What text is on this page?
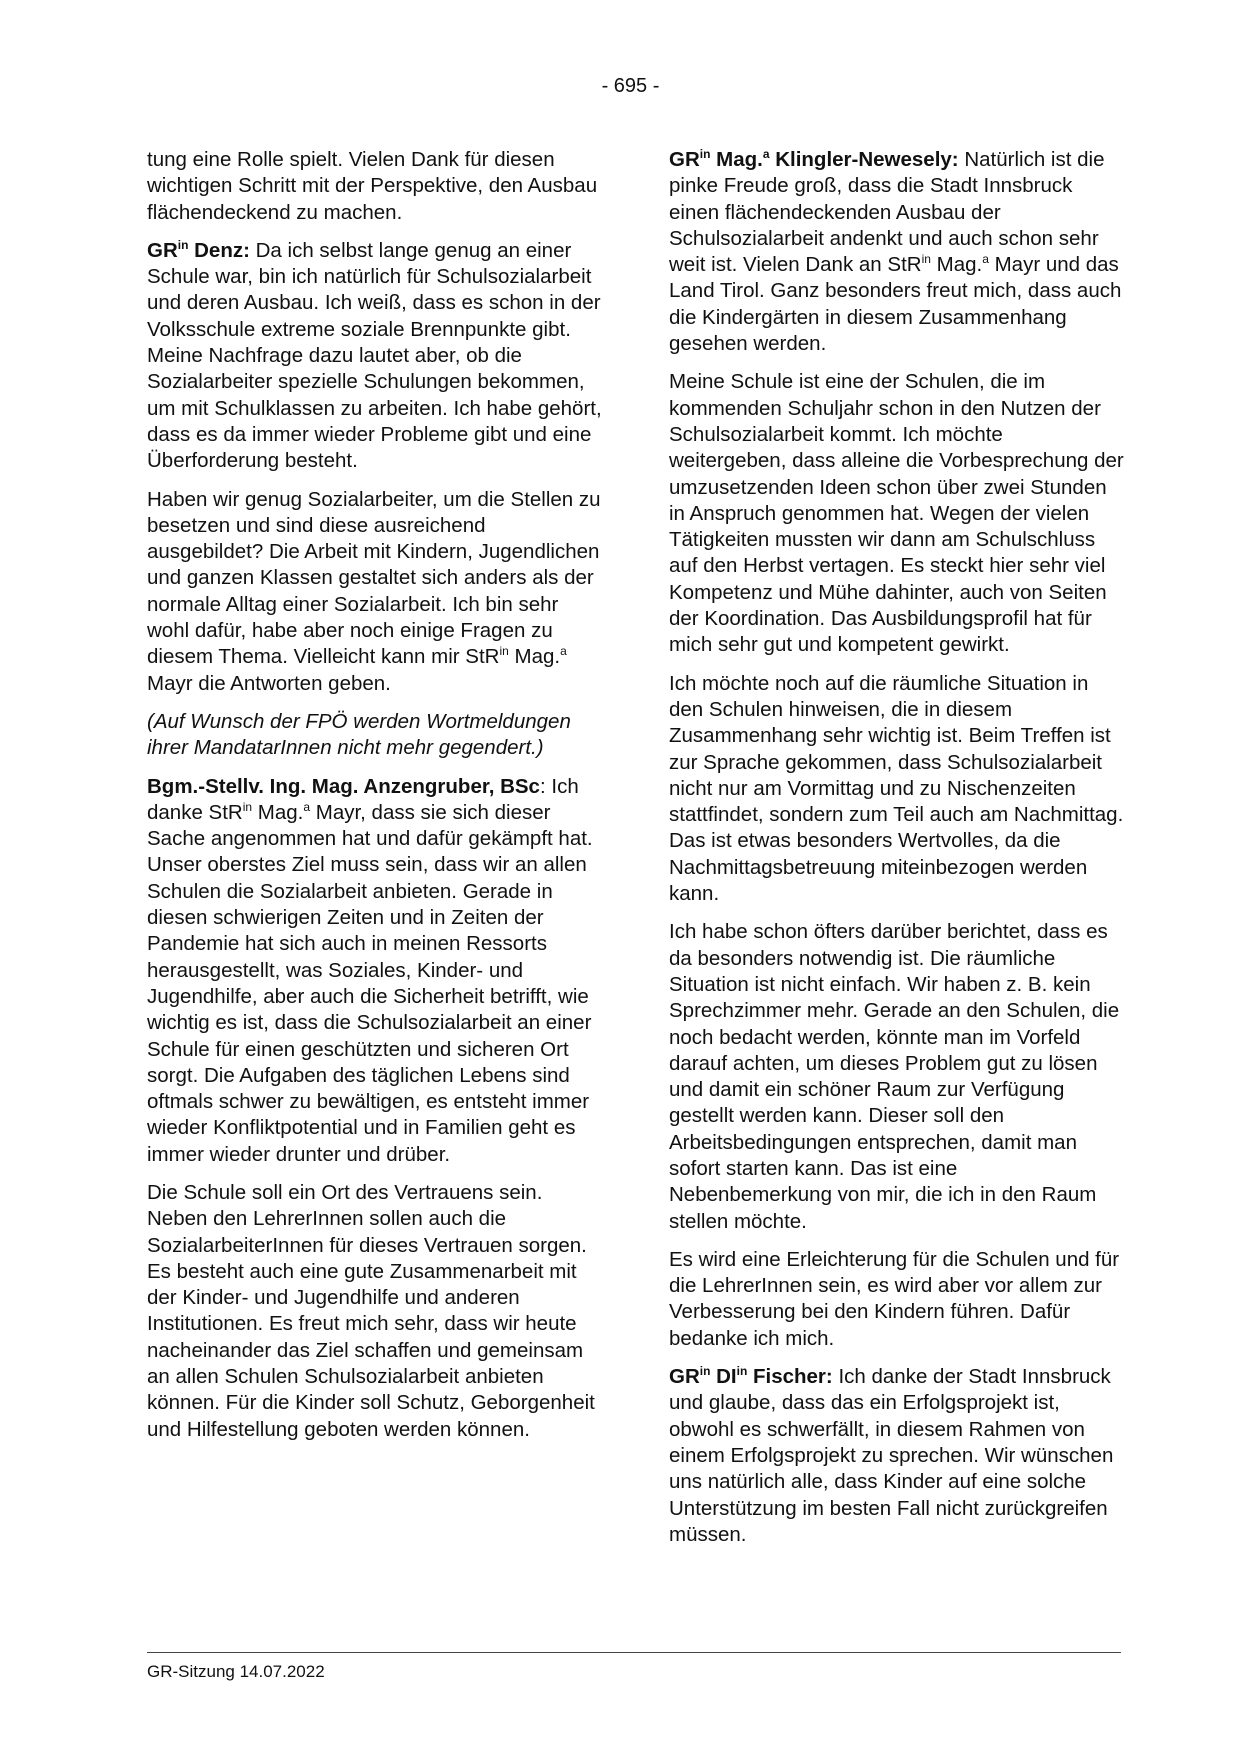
- 695 -

tung eine Rolle spielt. Vielen Dank für diesen wichtigen Schritt mit der Perspektive, den Ausbau flächendeckend zu machen.

$GR^{in}$ Denz: Da ich selbst lange genug an einer Schule war, bin ich natürlich für Schulsozialarbeit und deren Ausbau. Ich weiß, dass es schon in der Volksschule extreme soziale Brennpunkte gibt. Meine Nachfrage dazu lautet aber, ob die Sozialarbeiter spezielle Schulungen bekommen, um mit Schulklassen zu arbeiten. Ich habe gehört, dass es da immer wieder Probleme gibt und eine Überforderung besteht.

Haben wir genug Sozialarbeiter, um die Stellen zu besetzen und sind diese ausreichend ausgebildet? Die Arbeit mit Kindern, Jugendlichen und ganzen Klassen gestaltet sich anders als der normale Alltag einer Sozialarbeit. Ich bin sehr wohl dafür, habe aber noch einige Fragen zu diesem Thema. Vielleicht kann mir StR$^{in}$ Mag.$^a$ Mayr die Antworten geben.

(Auf Wunsch der FPÖ werden Wortmeldungen ihrer MandatarInnen nicht mehr gegendert.)

Bgm.-Stellv. Ing. Mag. Anzengruber, BSc: Ich danke StR$^{in}$ Mag.$^a$ Mayr, dass sie sich dieser Sache angenommen hat und dafür gekämpft hat. Unser oberstes Ziel muss sein, dass wir an allen Schulen die Sozialarbeit anbieten. Gerade in diesen schwierigen Zeiten und in Zeiten der Pandemie hat sich auch in meinen Ressorts herausgestellt, was Soziales, Kinder- und Jugendhilfe, aber auch die Sicherheit betrifft, wie wichtig es ist, dass die Schulsozialarbeit an einer Schule für einen geschützten und sicheren Ort sorgt. Die Aufgaben des täglichen Lebens sind oftmals schwer zu bewältigen, es entsteht immer wieder Konfliktpotential und in Familien geht es immer wieder drunter und drüber.

Die Schule soll ein Ort des Vertrauens sein. Neben den LehrerInnen sollen auch die SozialarbeiterInnen für dieses Vertrauen sorgen. Es besteht auch eine gute Zusammenarbeit mit der Kinder- und Jugendhilfe und anderen Institutionen. Es freut mich sehr, dass wir heute nacheinander das Ziel schaffen und gemeinsam an allen Schulen Schulsozialarbeit anbieten können. Für die Kinder soll Schutz, Geborgenheit und Hilfestellung geboten werden können.

$GR^{in}$ Mag.$^a$ Klingler-Newesely: Natürlich ist die pinke Freude groß, dass die Stadt Innsbruck einen flächendeckenden Ausbau der Schulsozialarbeit andenkt und auch schon sehr weit ist. Vielen Dank an StR$^{in}$ Mag.$^a$ Mayr und das Land Tirol. Ganz besonders freut mich, dass auch die Kindergärten in diesem Zusammenhang gesehen werden.

Meine Schule ist eine der Schulen, die im kommenden Schuljahr schon in den Nutzen der Schulsozialarbeit kommt. Ich möchte weitergeben, dass alleine die Vorbesprechung der umzusetzenden Ideen schon über zwei Stunden in Anspruch genommen hat. Wegen der vielen Tätigkeiten mussten wir dann am Schulschluss auf den Herbst vertagen. Es steckt hier sehr viel Kompetenz und Mühe dahinter, auch von Seiten der Koordination. Das Ausbildungsprofil hat für mich sehr gut und kompetent gewirkt.

Ich möchte noch auf die räumliche Situation in den Schulen hinweisen, die in diesem Zusammenhang sehr wichtig ist. Beim Treffen ist zur Sprache gekommen, dass Schulsozialarbeit nicht nur am Vormittag und zu Nischenzeiten stattfindet, sondern zum Teil auch am Nachmittag. Das ist etwas besonders Wertvolles, da die Nachmittagsbetreuung miteinbezogen werden kann.

Ich habe schon öfters darüber berichtet, dass es da besonders notwendig ist. Die räumliche Situation ist nicht einfach. Wir haben z. B. kein Sprechzimmer mehr. Gerade an den Schulen, die noch bedacht werden, könnte man im Vorfeld darauf achten, um dieses Problem gut zu lösen und damit ein schöner Raum zur Verfügung gestellt werden kann. Dieser soll den Arbeitsbedingungen entsprechen, damit man sofort starten kann. Das ist eine Nebenbemerkung von mir, die ich in den Raum stellen möchte.

Es wird eine Erleichterung für die Schulen und für die LehrerInnen sein, es wird aber vor allem zur Verbesserung bei den Kindern führen. Dafür bedanke ich mich.

$GR^{in}$ $DI^{in}$ Fischer: Ich danke der Stadt Innsbruck und glaube, dass das ein Erfolgsprojekt ist, obwohl es schwerfällt, in diesem Rahmen von einem Erfolgsprojekt zu sprechen. Wir wünschen uns natürlich alle, dass Kinder auf eine solche Unterstützung im besten Fall nicht zurückgreifen müssen.

GR-Sitzung 14.07.2022
